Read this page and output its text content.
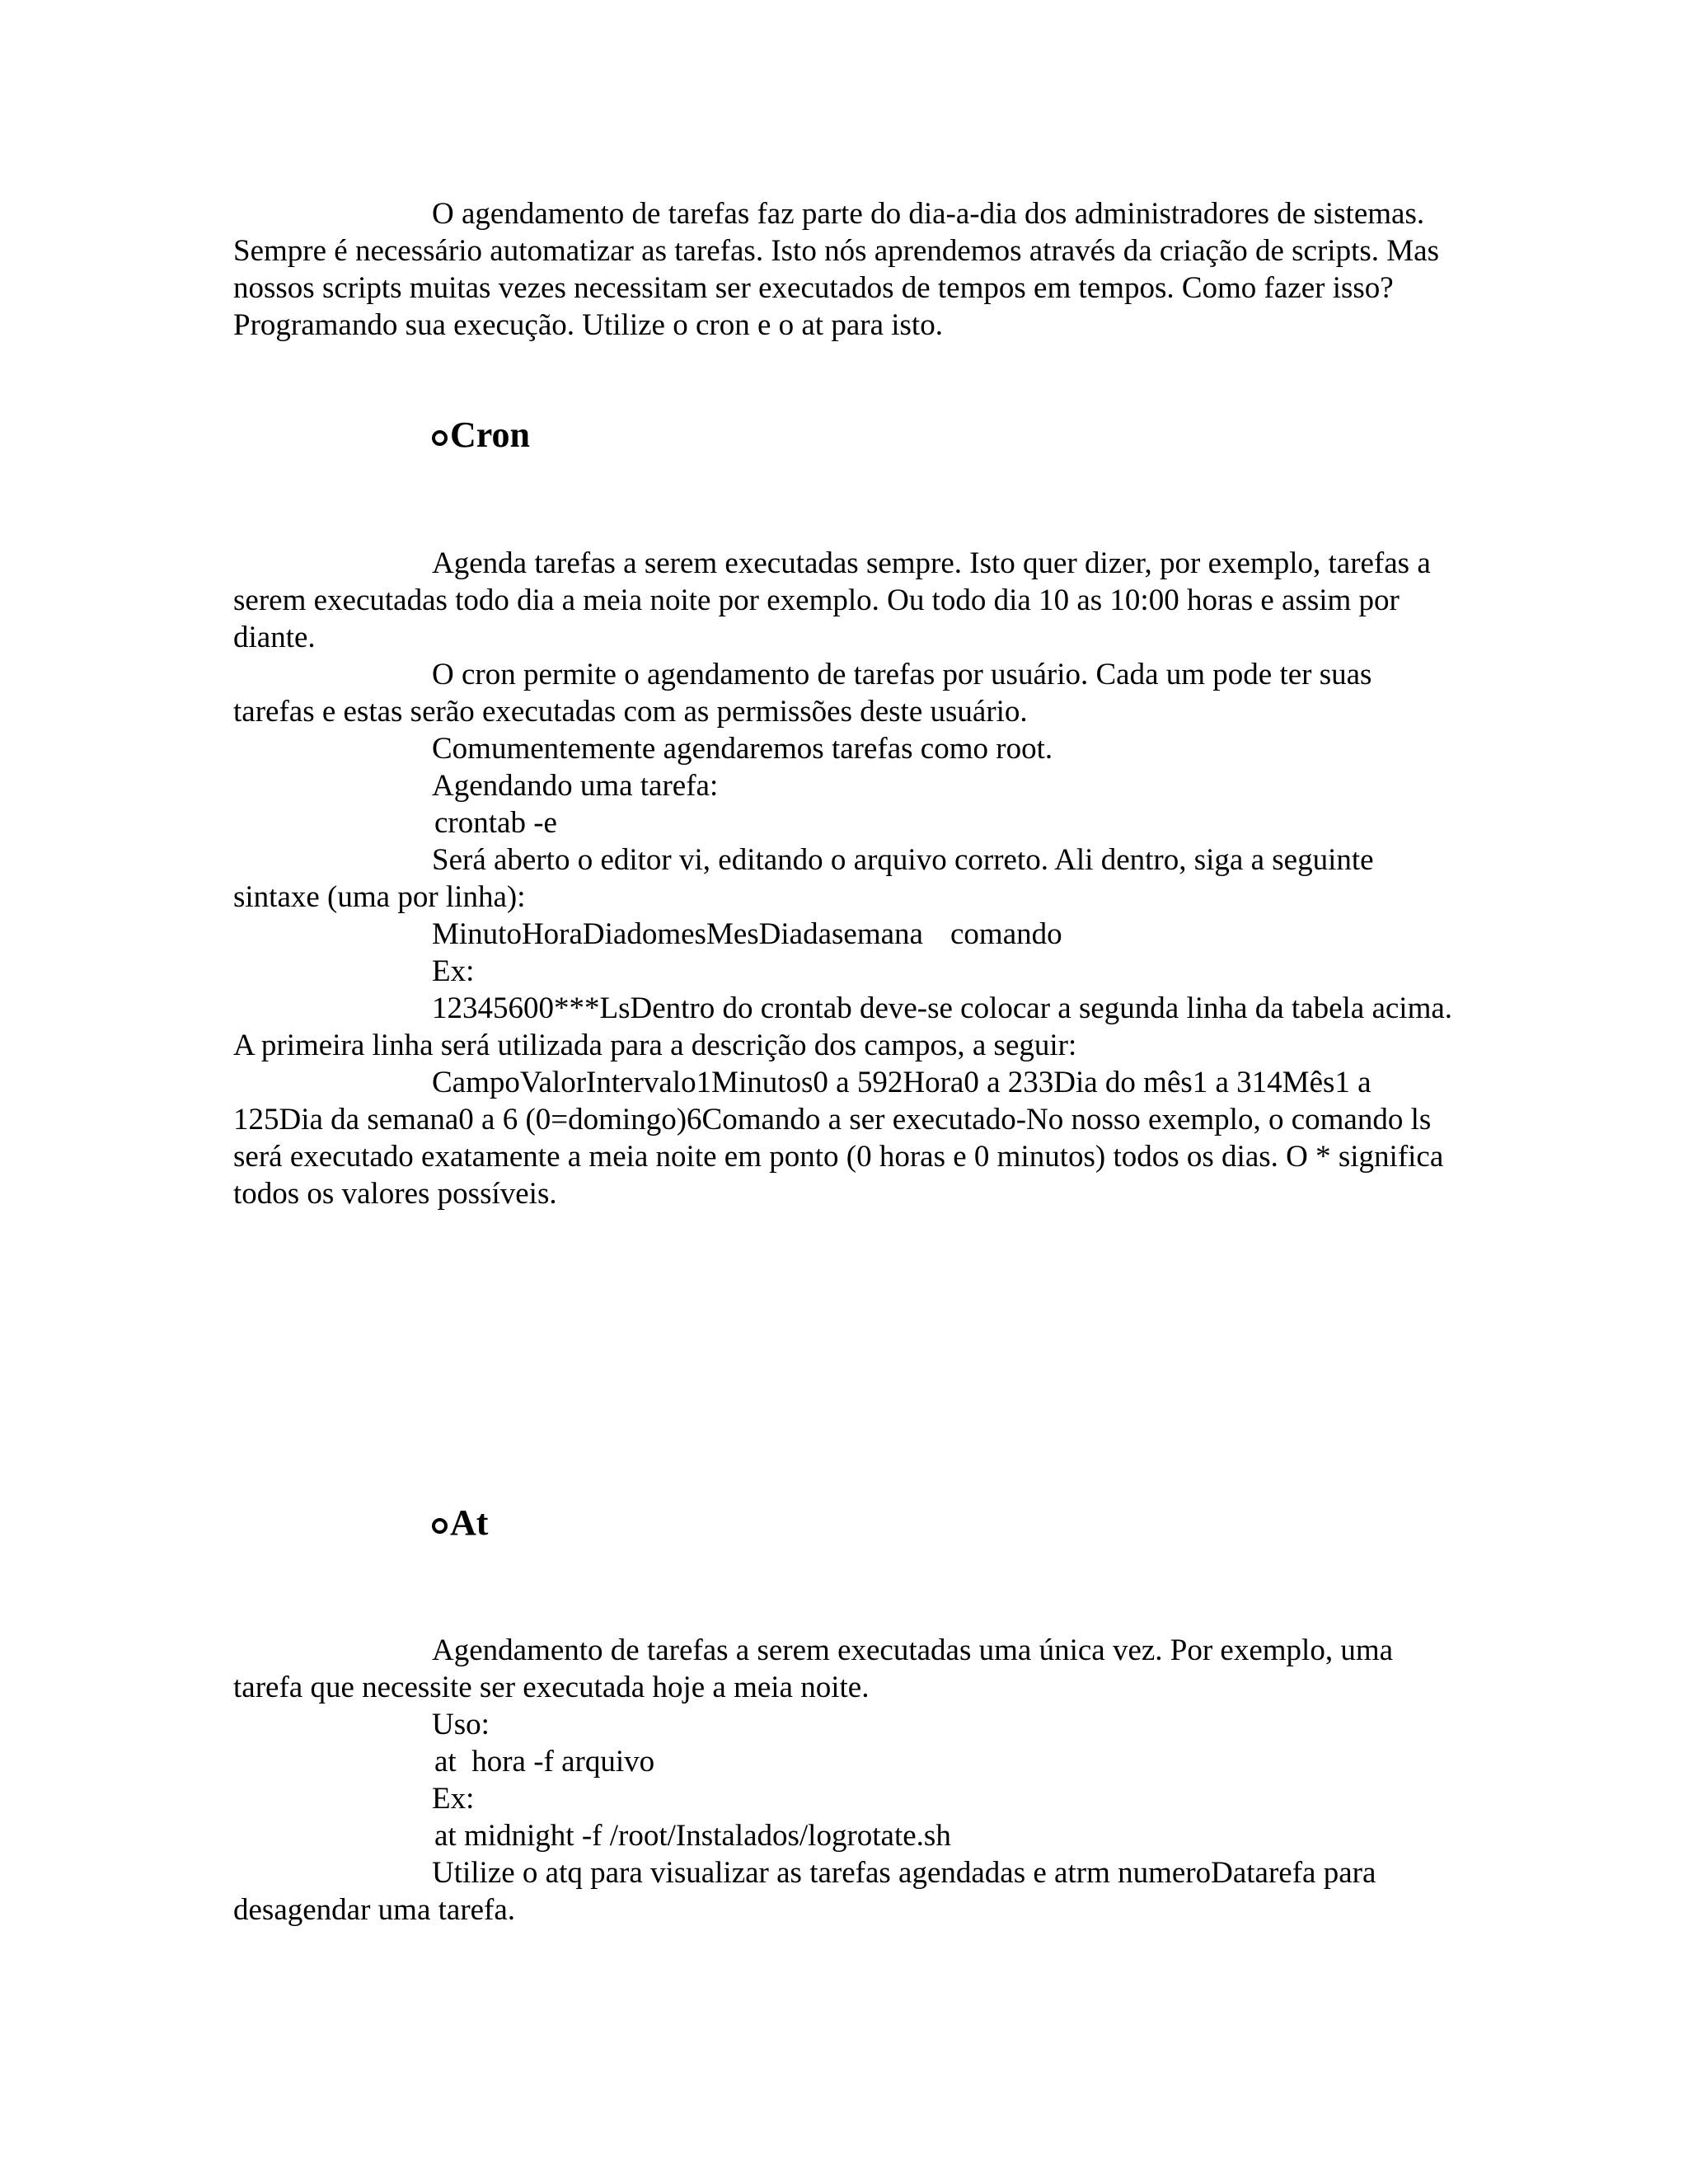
O agendamento de tarefas faz parte do dia-a-dia dos administradores de sistemas. Sempre é necessário automatizar as tarefas. Isto nós aprendemos através da criação de scripts. Mas nossos scripts muitas vezes necessitam ser executados de tempos em tempos. Como fazer isso? Programando sua execução. Utilize o cron e o at para isto.

Cron

Agenda tarefas a serem executadas sempre. Isto quer dizer, por exemplo, tarefas a serem executadas todo dia a meia noite por exemplo. Ou todo dia 10 as 10:00 horas e assim por diante.

O cron permite o agendamento de tarefas por usuário. Cada um pode ter suas tarefas e estas serão executadas com as permissões deste usuário.

Comumentemente agendaremos tarefas como root.

Agendando uma tarefa:

crontab -e

Será aberto o editor vi, editando o arquivo correto. Ali dentro, siga a seguinte sintaxe (uma por linha):

MinutoHoraDiadomesMesDiadasemana	comando

Ex:

12345600***LsDentro do crontab deve-se colocar a segunda linha da tabela acima. A primeira linha será utilizada para a descrição dos campos, a seguir:

CampoValorIntervalo1Minutos0 a 592Hora0 a 233Dia do mês1 a 314Mês1 a 125Dia da semana0 a 6 (0=domingo)6Comando a ser executado-No nosso exemplo, o comando ls será executado exatamente a meia noite em ponto (0 horas e 0 minutos) todos os dias. O * significa todos os valores possíveis.

At

Agendamento de tarefas a serem executadas uma única vez. Por exemplo, uma tarefa que necessite ser executada hoje a meia noite.

Uso:

at  hora -f arquivo

Ex:

at midnight -f /root/Instalados/logrotate.sh

Utilize o atq para visualizar as tarefas agendadas e atrm numeroDatarefa para desagendar uma tarefa.
